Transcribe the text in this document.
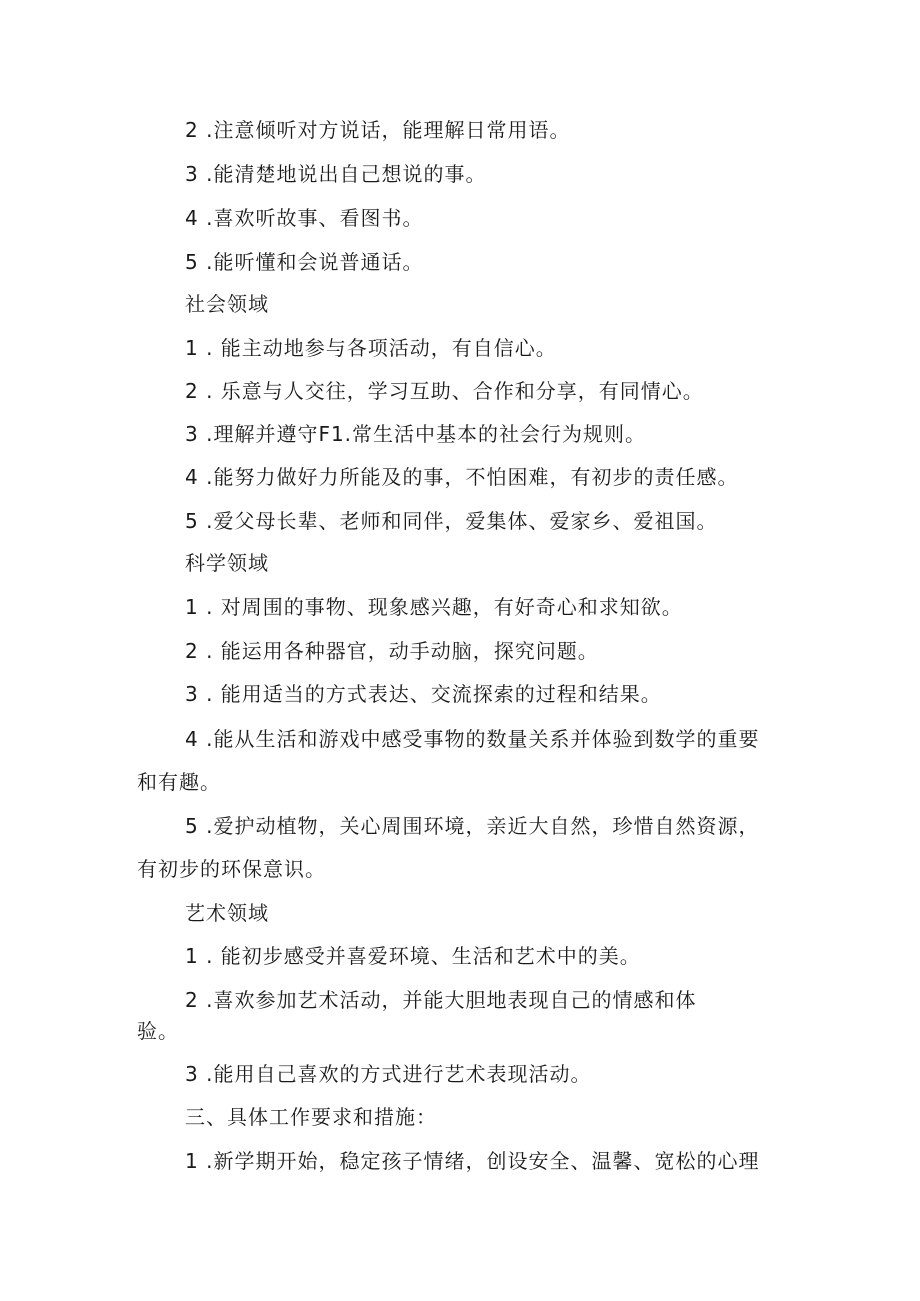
2 .注意倾听对方说话，能理解日常用语。
3 .能清楚地说出自己想说的事。
4 .喜欢听故事、看图书。
5 .能听懂和会说普通话。
社会领域
1 . 能主动地参与各项活动，有自信心。
2 . 乐意与人交往，学习互助、合作和分享，有同情心。
3 .理解并遵守F1.常生活中基本的社会行为规则。
4 .能努力做好力所能及的事，不怕困难，有初步的责任感。
5 .爱父母长辈、老师和同伴，爱集体、爱家乡、爱祖国。
科学领域
1 . 对周围的事物、现象感兴趣，有好奇心和求知欲。
2 . 能运用各种器官，动手动脑，探究问题。
3 . 能用适当的方式表达、交流探索的过程和结果。
4 .能从生活和游戏中感受事物的数量关系并体验到数学的重要
和有趣。
5 .爱护动植物，关心周围环境，亲近大自然，珍惜自然资源，
有初步的环保意识。
艺术领域
1 . 能初步感受并喜爱环境、生活和艺术中的美。
2 .喜欢参加艺术活动，并能大胆地表现自己的情感和体
验。
3 .能用自己喜欢的方式进行艺术表现活动。
三、具体工作要求和措施：
1 .新学期开始，稳定孩子情绪，创设安全、温馨、宽松的心理
